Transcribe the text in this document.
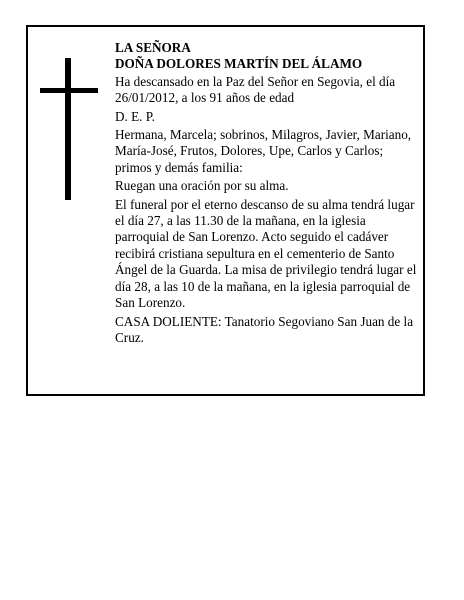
LA SEÑORA

DOÑA DOLORES MARTÍN DEL ÁLAMO

Ha descansado en la Paz del Señor en Segovia, el día 26/01/2012, a los 91 años de edad

D. E. P.

Hermana, Marcela; sobrinos, Milagros, Javier, Mariano, María-José, Frutos, Dolores, Upe, Carlos y Carlos; primos y demás familia:

Ruegan una oración por su alma.

El funeral por el eterno descanso de su alma tendrá lugar el día 27, a las 11.30 de la mañana, en la iglesia parroquial de San Lorenzo. Acto seguido el cadáver recibirá cristiana sepultura en el cementerio de Santo Ángel de la Guarda. La misa de privilegio tendrá lugar el día 28, a las 10 de la mañana, en la iglesia parroquial de San Lorenzo.

CASA DOLIENTE: Tanatorio Segoviano San Juan de la Cruz.
